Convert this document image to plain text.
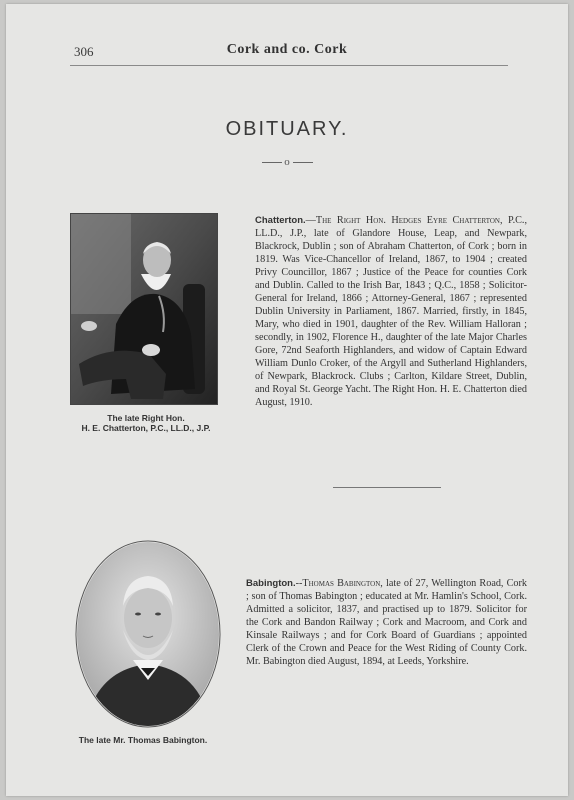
306	Cork and co. Cork
OBITUARY.
o
The late Right Hon.
H. E. Chatterton, P.C., LL.D., J.P.
Chatterton.—The Right Hon. Hedges Eyre Chatterton, P.C., LL.D., J.P., late of Glandore House, Leap, and Newpark, Blackrock, Dublin ; son of Abraham Chatterton, of Cork ; born in 1819. Was Vice-Chancellor of Ireland, 1867, to 1904 ; created Privy Councillor, 1867 ; Justice of the Peace for counties Cork and Dublin. Called to the Irish Bar, 1843 ; Q.C., 1858 ; Solicitor-General for Ireland, 1866 ; Attorney-General, 1867 ; represented Dublin University in Parliament, 1867. Married, firstly, in 1845, Mary, who died in 1901, daughter of the Rev. William Halloran ; secondly, in 1902, Florence H., daughter of the late Major Charles Gore, 72nd Seaforth Highlanders, and widow of Captain Edward William Dunlo Croker, of the Argyll and Sutherland Highlanders, of Newpark, Blackrock. Clubs ; Carlton, Kildare Street, Dublin, and Royal St. George Yacht. The Right Hon. H. E. Chatterton died August, 1910.
The late Mr. Thomas Babington.
Babington.--Thomas Babington, late of 27, Wellington Road, Cork ; son of Thomas Babington ; educated at Mr. Hamlin's School, Cork. Admitted a solicitor, 1837, and practised up to 1879. Solicitor for the Cork and Bandon Railway ; Cork and Macroom, and Cork and Kinsale Railways ; and for Cork Board of Guardians ; appointed Clerk of the Crown and Peace for the West Riding of County Cork. Mr. Babington died August, 1894, at Leeds, Yorkshire.
